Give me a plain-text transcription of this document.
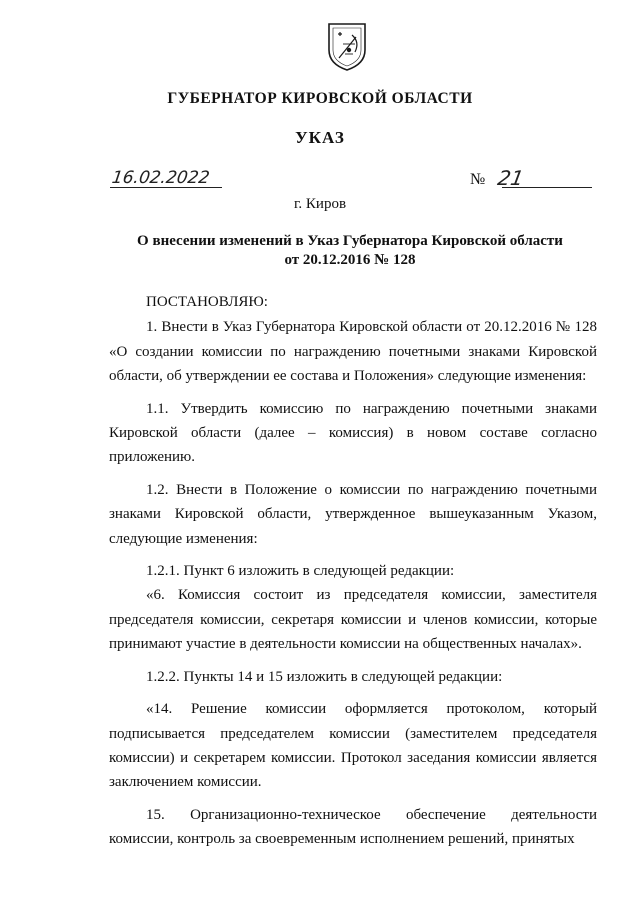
ГУБЕРНАТОР КИРОВСКОЙ ОБЛАСТИ
УКАЗ
16.02.2022	№ 21
г. Киров
О внесении изменений в Указ Губернатора Кировской области
от 20.12.2016 № 128

ПОСТАНОВЛЯЮ:

1. Внести в Указ Губернатора Кировской области от 20.12.2016 № 128 «О создании комиссии по награждению почетными знаками Кировской области, об утверждении ее состава и Положения» следующие изменения:

1.1. Утвердить комиссию по награждению почетными знаками Кировской области (далее – комиссия) в новом составе согласно приложению.

1.2. Внести в Положение о комиссии по награждению почетными знаками Кировской области, утвержденное вышеуказанным Указом, следующие изменения:

1.2.1. Пункт 6 изложить в следующей редакции:

«6. Комиссия состоит из председателя комиссии, заместителя председателя комиссии, секретаря комиссии и членов комиссии, которые принимают участие в деятельности комиссии на общественных началах».

1.2.2. Пункты 14 и 15 изложить в следующей редакции:

«14. Решение комиссии оформляется протоколом, который подписывается председателем комиссии (заместителем председателя комиссии) и секретарем комиссии. Протокол заседания комиссии является заключением комиссии.

15. Организационно-техническое обеспечение деятельности комиссии, контроль за своевременным исполнением решений, принятых
